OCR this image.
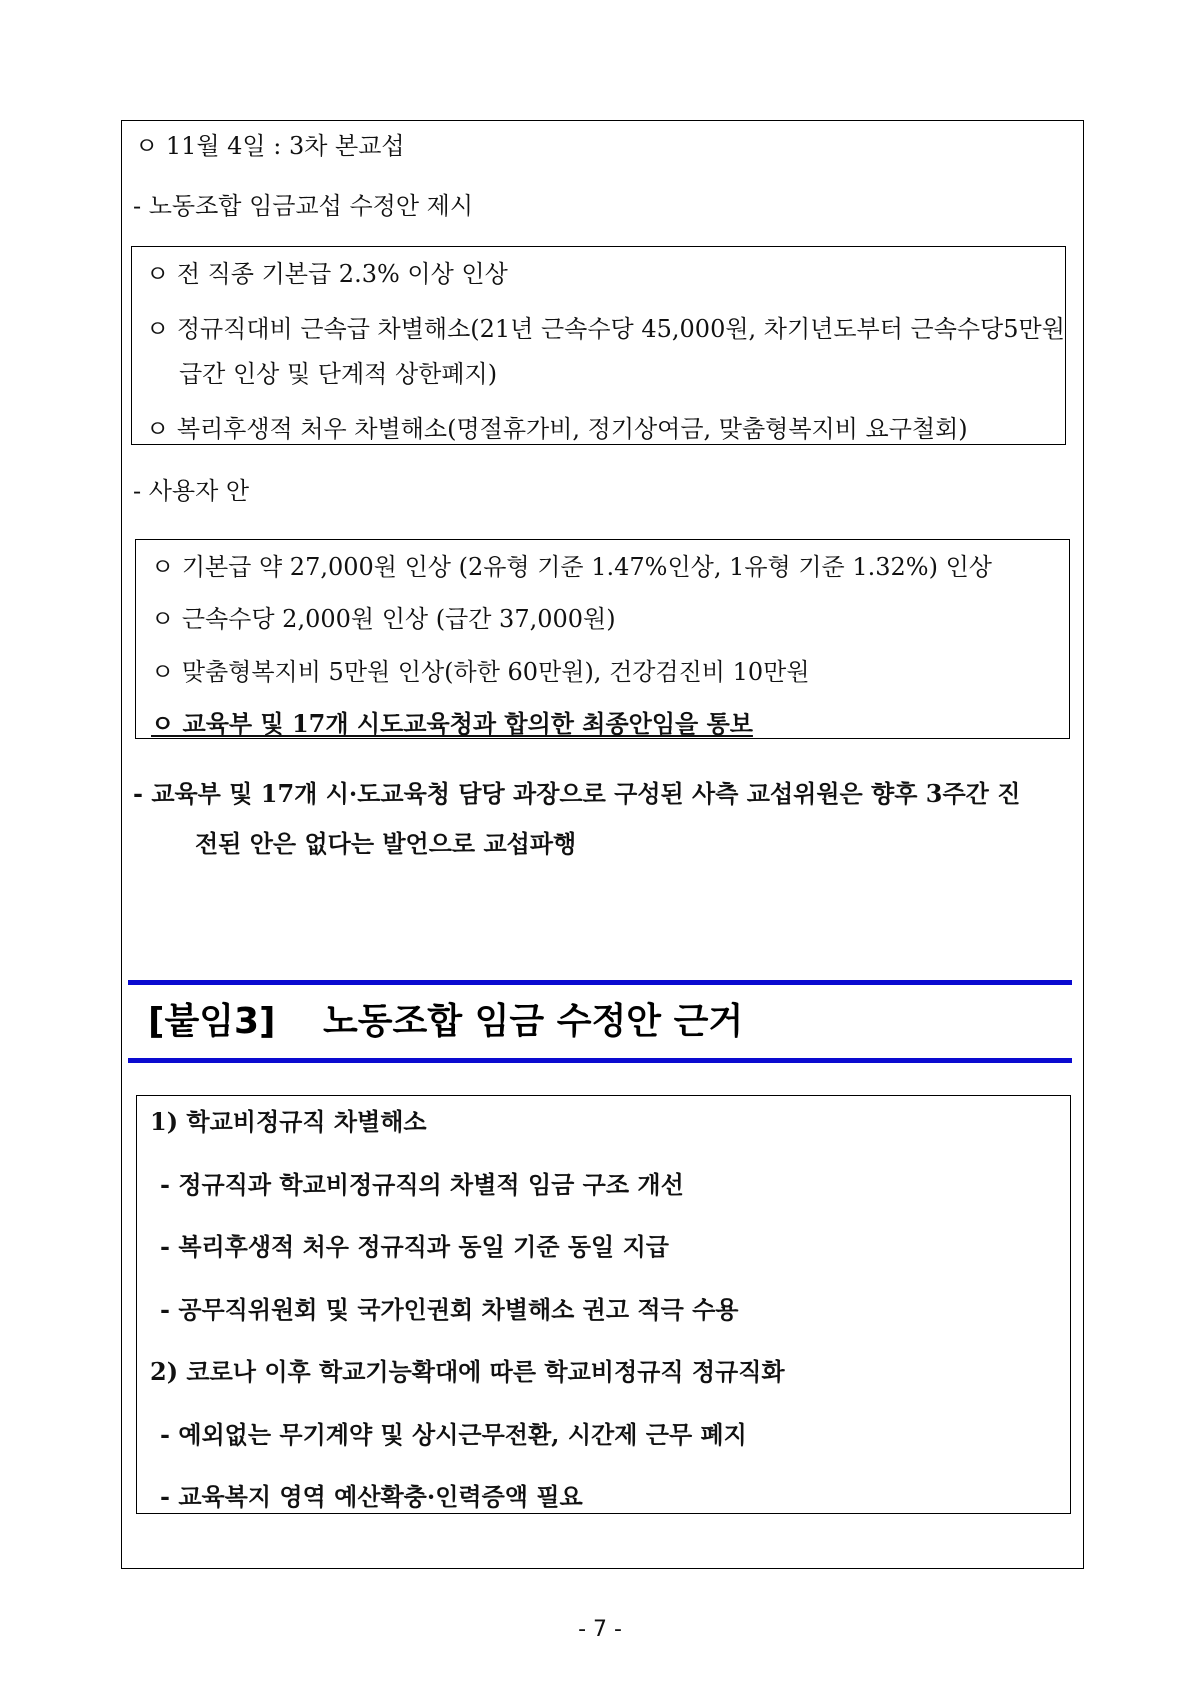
ㅇ 11월 4일 : 3차 본교섭
- 노동조합 임금교섭 수정안 제시
ㅇ 전 직종 기본급 2.3% 이상 인상
ㅇ 정규직대비 근속급 차별해소(21년 근속수당 45,000원, 차기년도부터 근속수당5만원
급간 인상 및 단계적 상한폐지)
ㅇ 복리후생적 처우 차별해소(명절휴가비, 정기상여금, 맞춤형복지비 요구철회)
- 사용자 안
ㅇ 기본급 약 27,000원 인상 (2유형 기준 1.47%인상, 1유형 기준 1.32%) 인상
ㅇ 근속수당 2,000원 인상 (급간 37,000원)
ㅇ 맞춤형복지비 5만원 인상(하한 60만원), 건강검진비 10만원
ㅇ 교육부 및 17개 시도교육청과 합의한 최종안임을 통보
- 교육부 및 17개 시·도교육청 담당 과장으로 구성된 사측 교섭위원은 향후 3주간 진
전된 안은 없다는 발언으로 교섭파행
[붙임3] 노동조합 임금 수정안 근거
1) 학교비정규직 차별해소
- 정규직과 학교비정규직의 차별적 임금 구조 개선
- 복리후생적 처우 정규직과 동일 기준 동일 지급
- 공무직위원회 및 국가인권회 차별해소 권고 적극 수용
2) 코로나 이후 학교기능확대에 따른 학교비정규직 정규직화
- 예외없는 무기계약 및 상시근무전환, 시간제 근무 폐지
- 교육복지 영역 예산확충·인력증액 필요
- 7 -
